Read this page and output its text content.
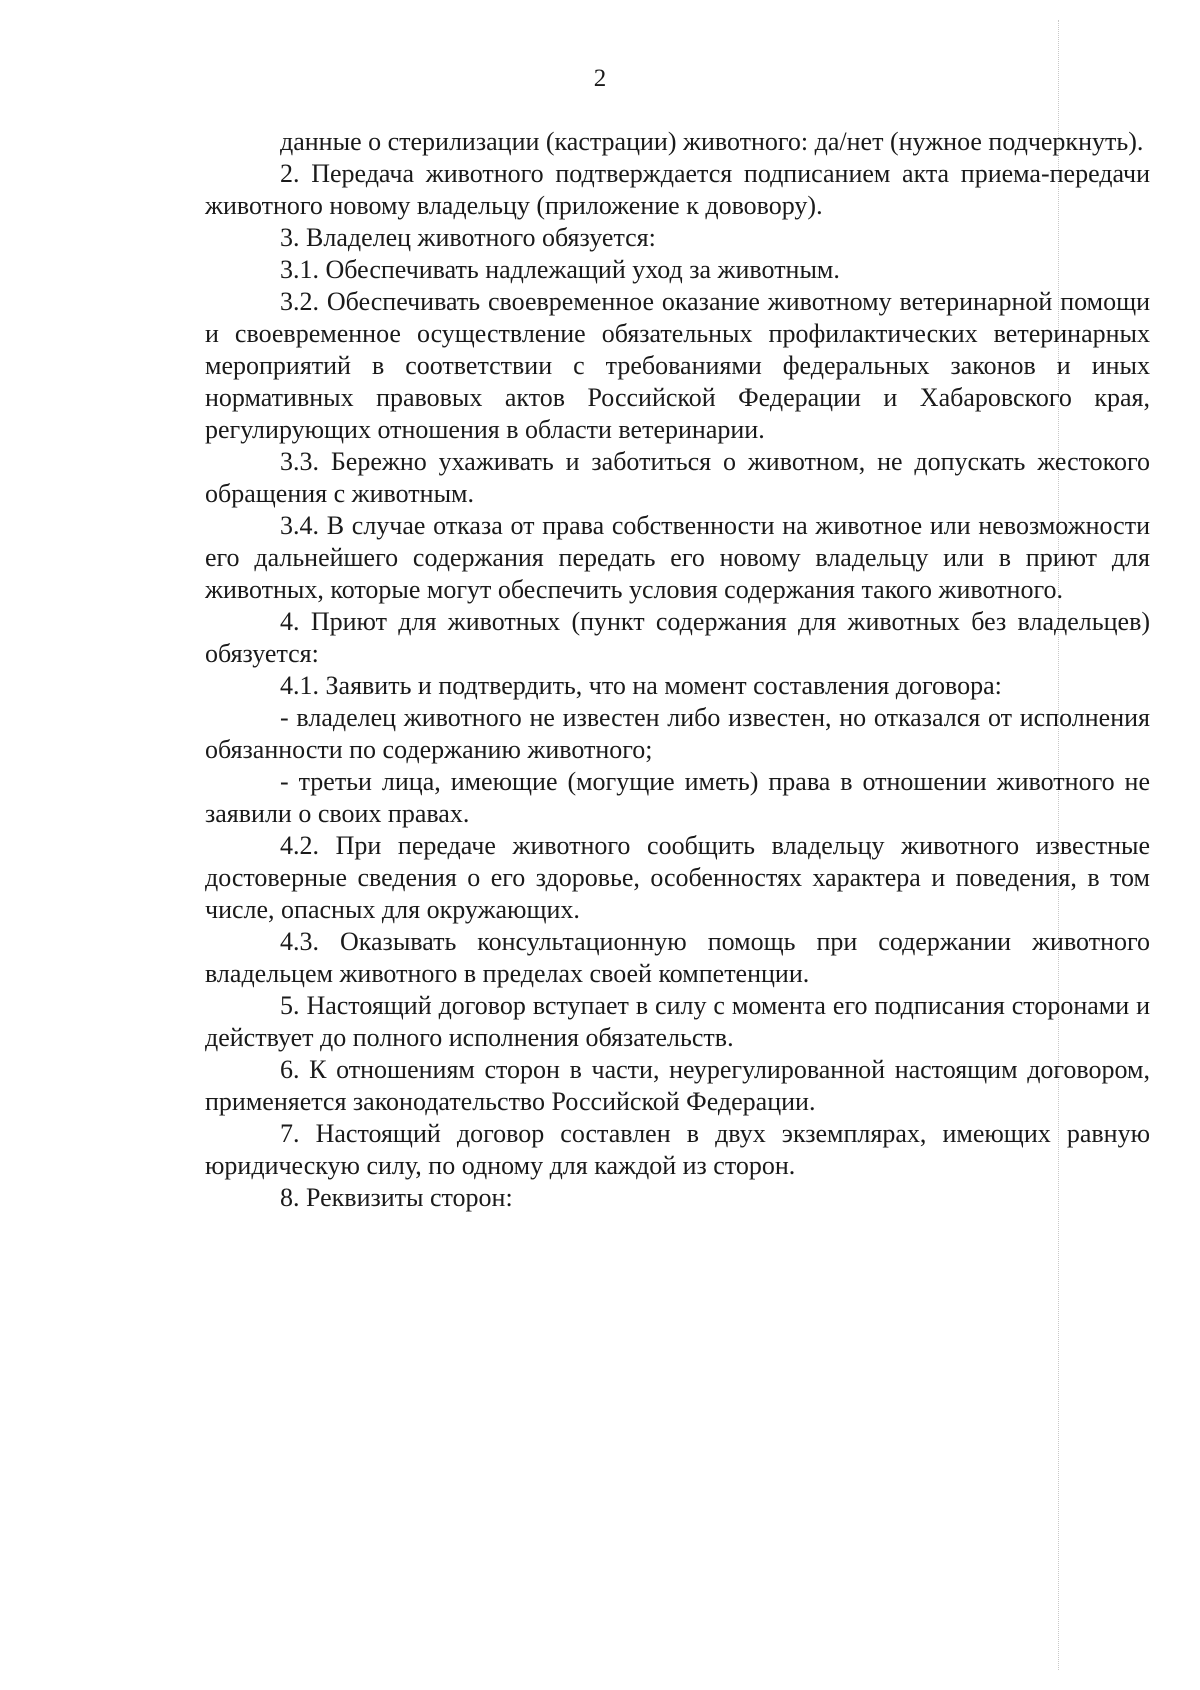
2

данные о стерилизации (кастрации) животного: да/нет (нужное подчеркнуть).

2. Передача животного подтверждается подписанием акта приема-передачи животного новому владельцу (приложение к дововору).

3. Владелец животного обязуется:

3.1. Обеспечивать надлежащий уход за животным.

3.2. Обеспечивать своевременное оказание животному ветеринарной помощи и своевременное осуществление обязательных профилактических ветеринарных мероприятий в соответствии с требованиями федеральных законов и иных нормативных правовых актов Российской Федерации и Хабаровского края, регулирующих отношения в области ветеринарии.

3.3. Бережно ухаживать и заботиться о животном, не допускать жестокого обращения с животным.

3.4. В случае отказа от права собственности на животное или невозможности его дальнейшего содержания передать его новому владельцу или в приют для животных, которые могут обеспечить условия содержания такого животного.

4. Приют для животных (пункт содержания для животных без владельцев) обязуется:

4.1. Заявить и подтвердить, что на момент составления договора:

- владелец животного не известен либо известен, но отказался от исполнения обязанности по содержанию животного;

- третьи лица, имеющие (могущие иметь) права в отношении животного не заявили о своих правах.

4.2. При передаче животного сообщить владельцу животного известные достоверные сведения о его здоровье, особенностях характера и поведения, в том числе, опасных для окружающих.

4.3. Оказывать консультационную помощь при содержании животного владельцем животного в пределах своей компетенции.

5. Настоящий договор вступает в силу с момента его подписания сторонами и действует до полного исполнения обязательств.

6. К отношениям сторон в части, неурегулированной настоящим договором, применяется законодательство Российской Федерации.

7. Настоящий договор составлен в двух экземплярах, имеющих равную юридическую силу, по одному для каждой из сторон.

8. Реквизиты сторон:
